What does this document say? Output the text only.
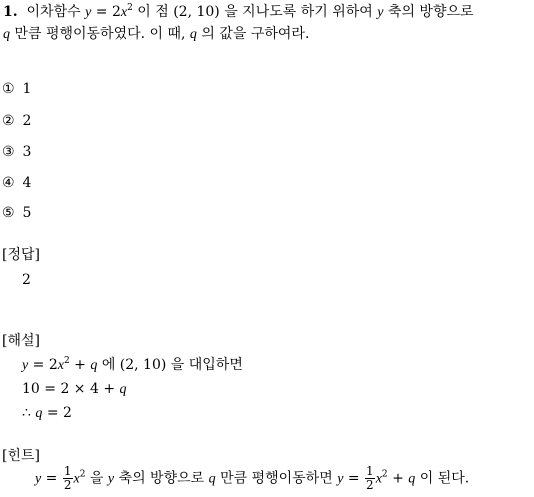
1. 이차함수 $y = 2x^2$ 이 점 (2, 10) 을 지나도록 하기 위하여 y 축의 방향으로
q 만큼 평행이동하였다. 이 때, q 의 값을 구하여라.
① 1
② 2
③ 3
④ 4
⑤ 5
[정답]
2
[해설]
$y = 2x^2 + q$ 에 (2, 10) 을 대입하면
10 = 2 × 4 + q
∴ q = 2
[힌트]
$y = \frac{1}{2} x^2$ 을 y 축의 방향으로 q 만큼 평행이동하면 $y = \frac{1}{2} x^2 + q$ 이 된다.
